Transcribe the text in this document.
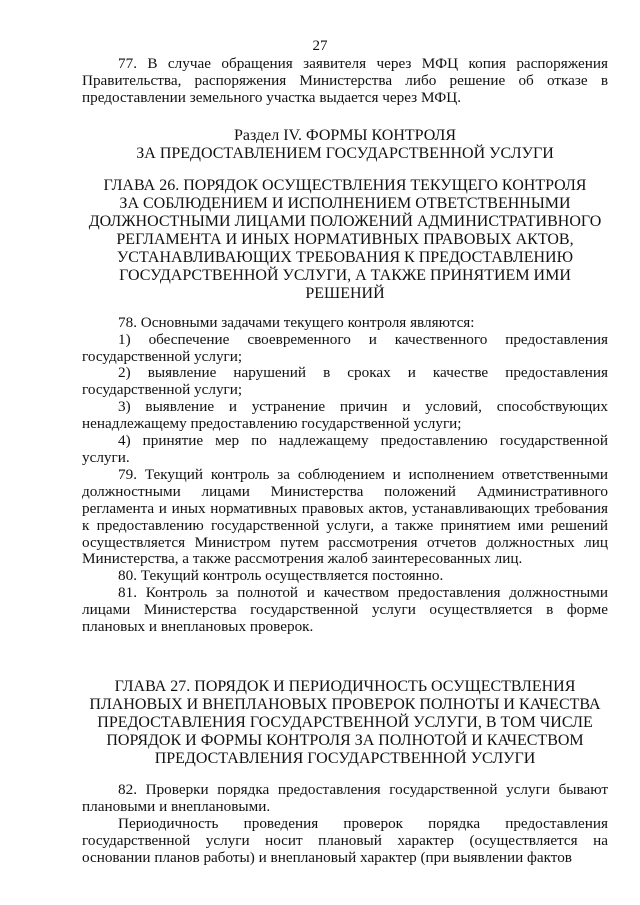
27

77. В случае обращения заявителя через МФЦ копия распоряжения Правительства, распоряжения Министерства либо решение об отказе в предоставлении земельного участка выдается через МФЦ.

Раздел IV. ФОРМЫ КОНТРОЛЯ
ЗА ПРЕДОСТАВЛЕНИЕМ ГОСУДАРСТВЕННОЙ УСЛУГИ
ГЛАВА 26. ПОРЯДОК ОСУЩЕСТВЛЕНИЯ ТЕКУЩЕГО КОНТРОЛЯ
ЗА СОБЛЮДЕНИЕМ И ИСПОЛНЕНИЕМ ОТВЕТСТВЕННЫМИ
ДОЛЖНОСТНЫМИ ЛИЦАМИ ПОЛОЖЕНИЙ АДМИНИСТРАТИВНОГО
РЕГЛАМЕНТА И ИНЫХ НОРМАТИВНЫХ ПРАВОВЫХ АКТОВ,
УСТАНАВЛИВАЮЩИХ ТРЕБОВАНИЯ К ПРЕДОСТАВЛЕНИЮ
ГОСУДАРСТВЕННОЙ УСЛУГИ, А ТАКЖЕ ПРИНЯТИЕМ ИМИ РЕШЕНИЙ

78. Основными задачами текущего контроля являются:

1) обеспечение своевременного и качественного предоставления государственной услуги;

2) выявление нарушений в сроках и качестве предоставления государственной услуги;

3) выявление и устранение причин и условий, способствующих ненадлежащему предоставлению государственной услуги;

4) принятие мер по надлежащему предоставлению государственной услуги.

79. Текущий контроль за соблюдением и исполнением ответственными должностными лицами Министерства положений Административного регламента и иных нормативных правовых актов, устанавливающих требования к предоставлению государственной услуги, а также принятием ими решений осуществляется Министром путем рассмотрения отчетов должностных лиц Министерства, а также рассмотрения жалоб заинтересованных лиц.

80. Текущий контроль осуществляется постоянно.

81. Контроль за полнотой и качеством предоставления должностными лицами Министерства государственной услуги осуществляется в форме плановых и внеплановых проверок.

ГЛАВА 27. ПОРЯДОК И ПЕРИОДИЧНОСТЬ ОСУЩЕСТВЛЕНИЯ
ПЛАНОВЫХ И ВНЕПЛАНОВЫХ ПРОВЕРОК ПОЛНОТЫ И КАЧЕСТВА
ПРЕДОСТАВЛЕНИЯ ГОСУДАРСТВЕННОЙ УСЛУГИ, В ТОМ ЧИСЛЕ
ПОРЯДОК И ФОРМЫ КОНТРОЛЯ ЗА ПОЛНОТОЙ И КАЧЕСТВОМ
ПРЕДОСТАВЛЕНИЯ ГОСУДАРСТВЕННОЙ УСЛУГИ

82. Проверки порядка предоставления государственной услуги бывают плановыми и внеплановыми.

Периодичность проведения проверок порядка предоставления государственной услуги носит плановый характер (осуществляется на основании планов работы) и внеплановый характер (при выявлении фактов
